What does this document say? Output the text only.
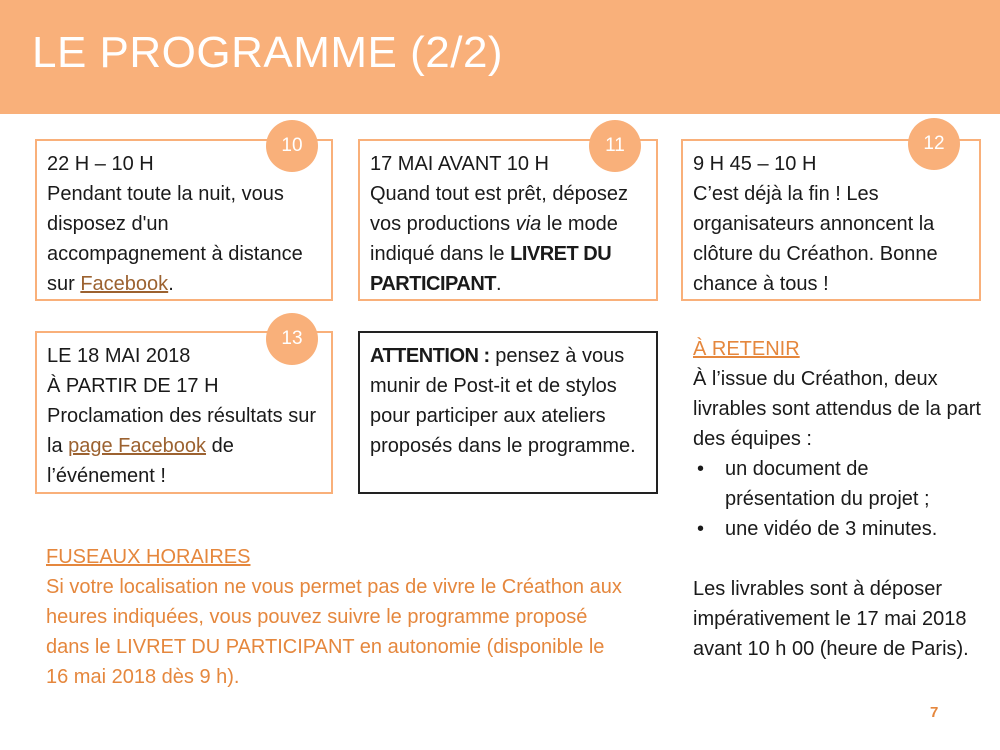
LE PROGRAMME (2/2)
22 H – 10 H
Pendant toute la nuit, vous disposez d'un accompagnement à distance sur Facebook.
10
17 MAI AVANT 10 H
Quand tout est prêt, déposez vos productions via le mode indiqué dans le LIVRET DU PARTICIPANT.
11
9 H 45 – 10 H
C’est déjà la fin ! Les organisateurs annoncent la clôture du Créathon. Bonne chance à tous !
12
LE 18 MAI 2018
À PARTIR DE 17 H
Proclamation des résultats sur la page Facebook de l’événement !
13
ATTENTION : pensez à vous munir de Post-it et de stylos pour participer aux ateliers proposés dans le programme.
À RETENIR
À l’issue du Créathon, deux livrables sont attendus de la part des équipes :
• un document de présentation du projet ;
• une vidéo de 3 minutes.
Les livrables sont à déposer impérativement le 17 mai 2018 avant 10 h 00 (heure de Paris).
FUSEAUX HORAIRES
Si votre localisation ne vous permet pas de vivre le Créathon aux heures indiquées, vous pouvez suivre le programme proposé dans le LIVRET DU PARTICIPANT en autonomie (disponible le 16 mai 2018 dès 9 h).
7
